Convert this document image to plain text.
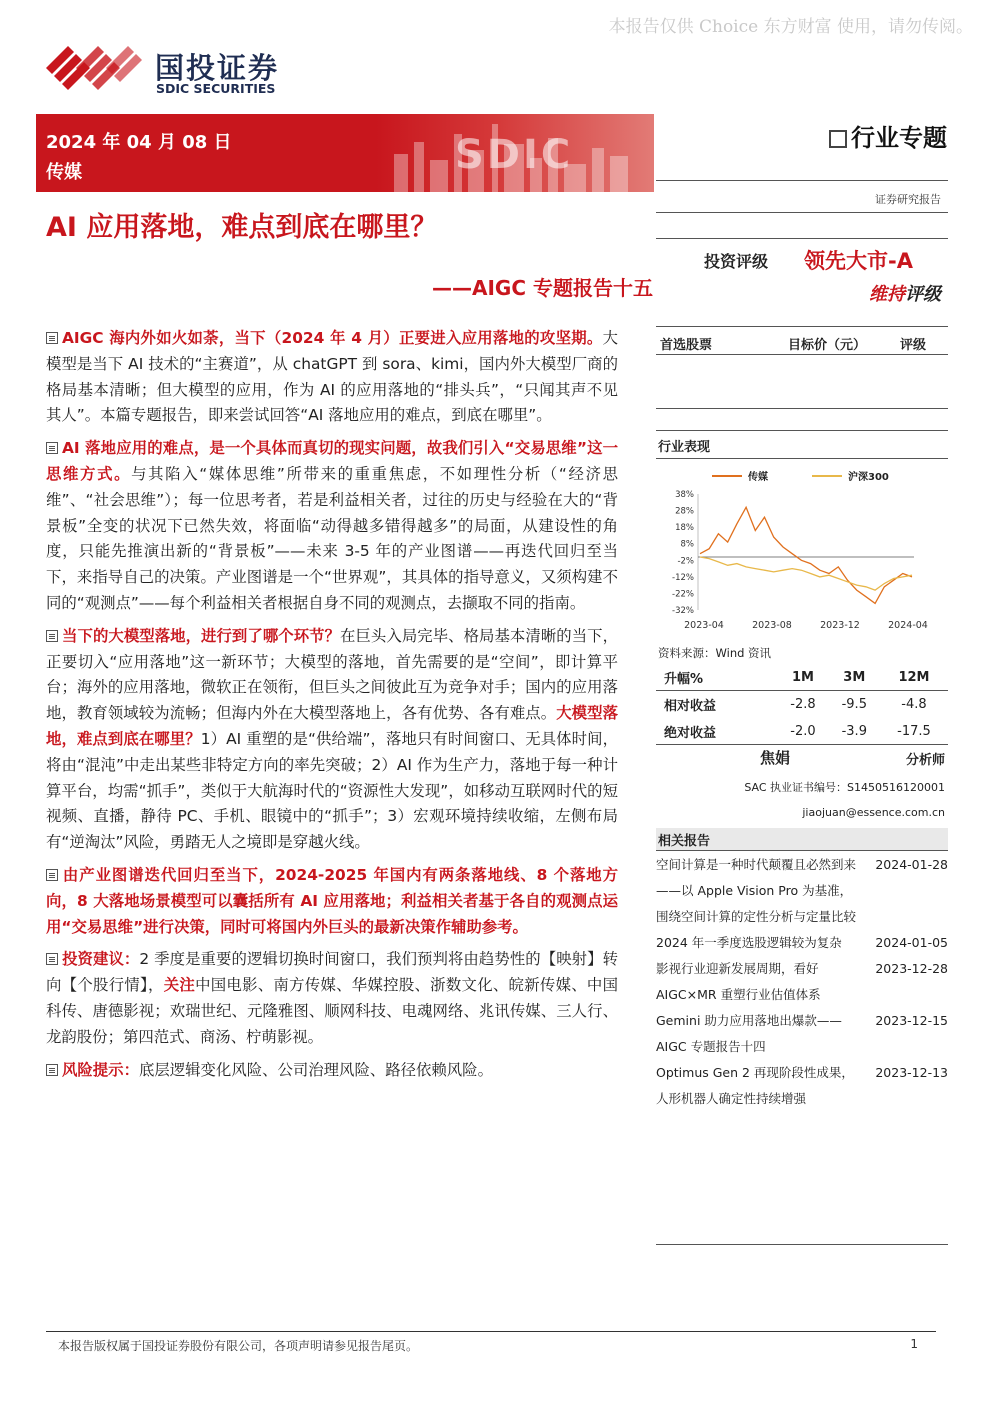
本报告仅供 Choice 东方财富 使用，请勿传阅。
国投证券
SDIC SECURITIES
2024 年 04 月 08 日
传媒	SDIC	行业专题
证券研究报告
AI 应用落地，难点到底在哪里？
——AIGC 专题报告十五
投资评级 领先大市-A
维持评级

AIGC 海内外如火如荼，当下（2024 年 4 月）正要进入应用落地的攻坚期。大模型是当下 AI 技术的“主赛道”，从 chatGPT 到 sora、kimi，国内外大模型厂商的格局基本清晰；但大模型的应用，作为 AI 的应用落地的“排头兵”，“只闻其声不见其人”。本篇专题报告，即来尝试回答“AI 落地应用的难点，到底在哪里”。

AI 落地应用的难点，是一个具体而真切的现实问题，故我们引入“交易思维”这一思维方式。与其陷入“媒体思维”所带来的重重焦虑，不如理性分析（“经济思维”、“社会思维”）；每一位思考者，若是利益相关者，过往的历史与经验在大的“背景板”全变的状况下已然失效，将面临“动得越多错得越多”的局面，从建设性的角度，只能先推演出新的“背景板”——未来 3-5 年的产业图谱——再迭代回归至当下，来指导自己的决策。产业图谱是一个“世界观”，其具体的指导意义，又须构建不同的“观测点”——每个利益相关者根据自身不同的观测点，去撷取不同的指南。

当下的大模型落地，进行到了哪个环节？在巨头入局完毕、格局基本清晰的当下，正要切入“应用落地”这一新环节；大模型的落地，首先需要的是“空间”，即计算平台；海外的应用落地，微软正在领衔，但巨头之间彼此互为竞争对手；国内的应用落地，教育领域较为流畅；但海内外在大模型落地上，各有优势、各有难点。大模型落地，难点到底在哪里？1）AI 重塑的是“供给端”，落地只有时间窗口、无具体时间，将由“混沌”中走出某些非特定方向的率先突破；2）AI 作为生产力，落地于每一种计算平台，均需“抓手”，类似于大航海时代的“资源性大发现”，如移动互联网时代的短视频、直播，静待 PC、手机、眼镜中的“抓手”；3）宏观环境持续收缩，左侧布局有“逆淘汰”风险，勇踏无人之境即是穿越火线。

由产业图谱迭代回归至当下，2024-2025 年国内有两条落地线、8 个落地方向，8 大落地场景模型可以囊括所有 AI 应用落地；利益相关者基于各自的观测点运用“交易思维”进行决策，同时可将国内外巨头的最新决策作辅助参考。

投资建议：2 季度是重要的逻辑切换时间窗口，我们预判将由趋势性的【映射】转向【个股行情】，关注中国电影、南方传媒、华媒控股、浙数文化、皖新传媒、中国科传、唐德影视；欢瑞世纪、元隆雅图、顺网科技、电魂网络、兆讯传媒、三人行、龙韵股份；第四范式、商汤、柠萌影视。

风险提示：底层逻辑变化风险、公司治理风险、路径依赖风险。

首选股票	目标价（元）	评级
行业表现
传媒	沪深300
38%
28%
18%
8%
-2%
-12%
-22%
-32%
2023-04	2023-08	2023-12	2024-04
资料来源：Wind 资讯
升幅%	1M	3M	12M
相对收益	-2.8	-9.5	-4.8
绝对收益	-2.0	-3.9	-17.5
焦娟	分析师
SAC 执业证书编号：S1450516120001
jiaojuan@essence.com.cn
相关报告
空间计算是一种时代颠覆且必然到来 ——以 Apple Vision Pro 为基准，围绕空间计算的定性分析与定量比较	2024-01-28
2024 年一季度选股逻辑较为复杂	2024-01-05
影视行业迎新发展周期，看好 AIGC×MR 重塑行业估值体系	2023-12-28
Gemini 助力应用落地出爆款——AIGC 专题报告十四	2023-12-15
Optimus Gen 2 再现阶段性成果，人形机器人确定性持续增强	2023-12-13
本报告版权属于国投证券股份有限公司，各项声明请参见报告尾页。	1
